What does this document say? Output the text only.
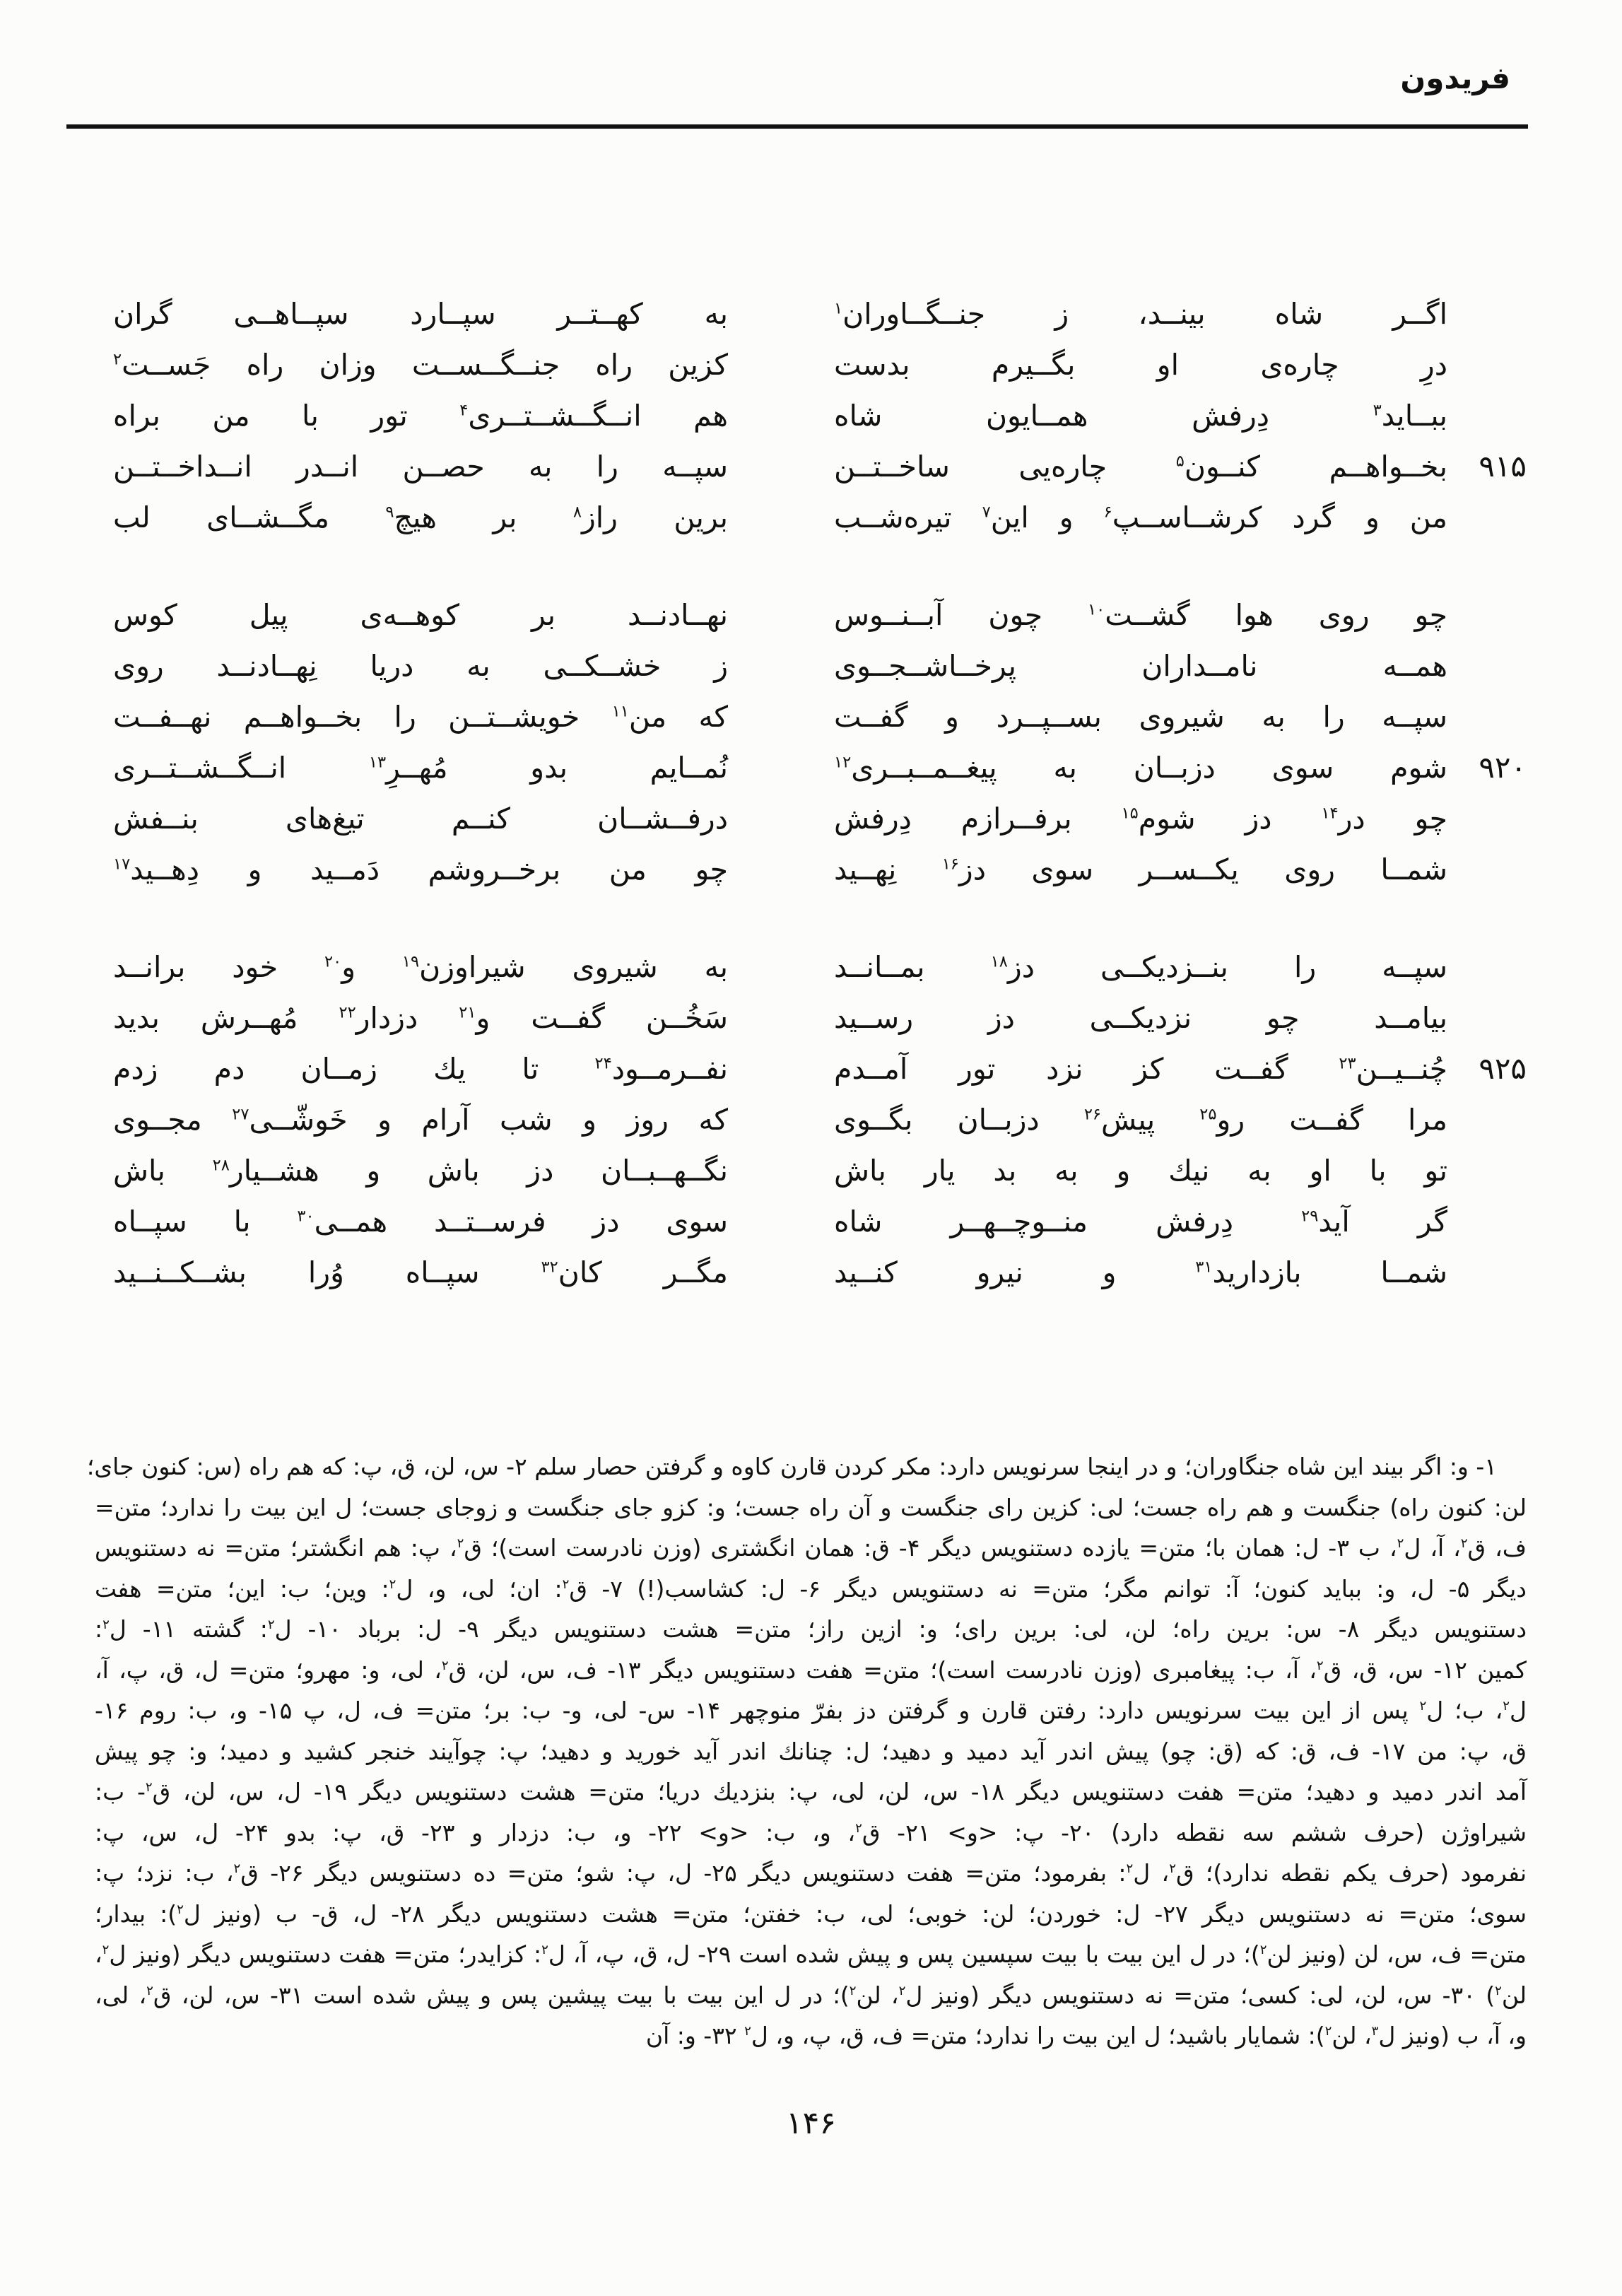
فریدون
اگــر شاه بینــد، ز جنــگــاوران$^۱$
به کهــتــر سپــارد سپــاهــی گران
درِ چاره‌ی او بگــیرم بدست
کزین راه جنــگــســت وزان راه جَســت$^۲$
ببــاید$^۳$ دِرفش همــایون شاه
هم انــگــشــتــری$^۴$ تور با من براه
۹۱۵
بخــواهــم کنــون$^۵$ چاره‌یی ساخــتــن
سپــه را به حصــن انــدر انــداخــتــن
من و گرد کرشــاســپ$^۶$ و این$^۷$ تیره‌شــب
برین راز$^۸$ بر هیچ$^۹$ مگــشــای لب
چو روی هوا گشــت$^{۱۰}$ چون آبــنــوس
نهــادنــد بر کوهــه‌ی پیل کوس
همــه نامــداران پرخــاشــجــوی
ز خشــکــی به دریا نِهــادنــد روی
سپــه را به شیروی بســپــرد و گفــت
که من$^{۱۱}$ خویشــتــن را بخــواهــم نهــفــت
۹۲۰
شوم سوی دزبــان به پیغــمــبــری$^{۱۲}$
نُمــایم بدو مُهــرِ$^{۱۳}$ انــگــشــتــری
چو در$^{۱۴}$ دز شوم$^{۱۵}$ برفــرازم دِرفش
درفــشــان کنــم تیغ‌های بنــفش
شمــا روی یکــســر سوی دز$^{۱۶}$ نِهــید
چو من برخــروشم دَمــید و دِهــید$^{۱۷}$
سپــه را بنــزدیکــی دز$^{۱۸}$ بمــانــد
به شیروی شیراوزن$^{۱۹}$ و$^{۲۰}$ خود برانــد
بیامــد چو نزدیکــی دز رســید
سَخُــن گفــت و$^{۲۱}$ دزدار$^{۲۲}$ مُهــرش بدید
۹۲۵
چُنــیــن$^{۲۳}$ گفــت کز نزد تور آمــدم
نفــرمــود$^{۲۴}$ تا یك زمــان دم زدم
مرا گفــت رو$^{۲۵}$ پیش$^{۲۶}$ دزبــان بگــوی
که روز و شب آرام و خَوشّــی$^{۲۷}$ مجــوی
تو با او به نیك و به بد یار باش
نگــهــبــان دز باش و هشــیار$^{۲۸}$ باش
گر آید$^{۲۹}$ دِرفش منــوچــهــر شاه
سوی دز فرســتــد همــی$^{۳۰}$ با سپــاه
شمــا بازدارید$^{۳۱}$ و نیرو کنــید
مگــر کان$^{۳۲}$ سپــاه وُرا بشــکــنــید
۱- و: اگر بیند این شاه جنگاوران؛ و در اینجا سرنویس دارد: مکر کردن قارن کاوه و گرفتن حصار سلم ۲- س، لن، ق، پ: که هم راه (س: کنون جای؛
لن: کنون راه) جنگست و هم راه جست؛ لی: کزین رای جنگست و آن راه جست؛ و: کزو جای جنگست و زوجای جست؛ ل این بیت را ندارد؛ متن=
ف، ق$^۲$، آ، ل$^۲$، ب ۳- ل: همان با؛ متن= یازده دستنویس دیگر ۴- ق: همان انگشتری (وزن نادرست است)؛ ق$^۲$، پ: هم انگشتر؛ متن= نه دستنویس
دیگر ۵- ل، و: بباید کنون؛ آ: توانم مگر؛ متن= نه دستنویس دیگر ۶- ل: کشاسب(!) ۷- ق$^۲$: ان؛ لی، و، ل$^۲$: وین؛ ب: این؛ متن= هفت
دستنویس دیگر ۸- س: برین راه؛ لن، لی: برین رای؛ و: ازین راز؛ متن= هشت دستنویس دیگر ۹- ل: برباد ۱۰- ل$^۲$: گشته ۱۱- ل$^۲$:
کمین ۱۲- س، ق، ق$^۲$، آ، ب: پیغامبری (وزن نادرست است)؛ متن= هفت دستنویس دیگر ۱۳- ف، س، لن، ق$^۲$، لی، و: مهرو؛ متن= ل، ق، پ، آ،
ل$^۲$، ب؛ ل$^۲$ پس از این بیت سرنویس دارد: رفتن قارن و گرفتن دز بفرّ منوچهر ۱۴- س- لی، و- ب: بر؛ متن= ف، ل، پ ۱۵- و، ب: روم ۱۶-
ق، پ: من ۱۷- ف، ق: که (ق: چو) پیش اندر آید دمید و دهید؛ ل: چنانك اندر آید خورید و دهید؛ پ: چوآیند خنجر کشید و دمید؛ و: چو پیش
آمد اندر دمید و دهید؛ متن= هفت دستنویس دیگر ۱۸- س، لن، لی، پ: بنزدیك دریا؛ متن= هشت دستنویس دیگر ۱۹- ل، س، لن، ق$^۲$- ب:
شیراوژن (حرف ششم سه نقطه دارد) ۲۰- پ: <و> ۲۱- ق$^۲$، و، ب: <و> ۲۲- و، ب: دزدار و ۲۳- ق، پ: بدو ۲۴- ل، س، پ:
نفرمود (حرف یکم نقطه ندارد)؛ ق$^۲$، ل$^۲$: بفرمود؛ متن= هفت دستنویس دیگر ۲۵- ل، پ: شو؛ متن= ده دستنویس دیگر ۲۶- ق$^۲$، ب: نزد؛ پ:
سوی؛ متن= نه دستنویس دیگر ۲۷- ل: خوردن؛ لن: خوبی؛ لی، ب: خفتن؛ متن= هشت دستنویس دیگر ۲۸- ل، ق- ب (ونیز ل$^۲$): بیدار؛
متن= ف، س، لن (ونیز لن$^۲$)؛ در ل این بیت با بیت سپسین پس و پیش شده است ۲۹- ل، ق، پ، آ، ل$^۲$: کزایدر؛ متن= هفت دستنویس دیگر (ونیز ل$^۲$،
لن$^۲$) ۳۰- س، لن، لی: کسی؛ متن= نه دستنویس دیگر (ونیز ل$^۲$، لن$^۲$)؛ در ل این بیت با بیت پیشین پس و پیش شده است ۳۱- س، لن، ق$^۲$، لی،
و، آ، ب (ونیز ل$^۳$، لن$^۲$): شمایار باشید؛ ل این بیت را ندارد؛ متن= ف، ق، پ، و، ل$^۲$ ۳۲- و: آن
۱۴۶
